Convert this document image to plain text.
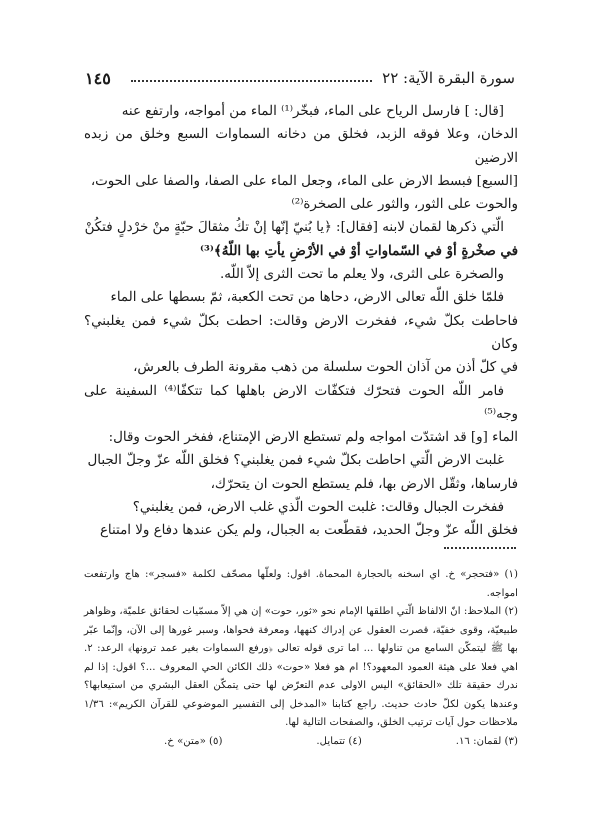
١٤٥	سورة البقرة الآية: ٢٢

[قال: ] فارسل الرياح على الماء، فبخّر⁽¹⁾ الماء من أمواجه، وارتفع عنه

الدخان، وعلا فوقه الزبد، فخلق من دخانه السماوات السبع وخلق من زبده الارضين

[السبع] فبسط الارض على الماء، وجعل الماء على الصفا، والصفا على الحوت،

والحوت على الثور، والثور على الصخرة⁽²⁾

الّتي ذكرها لقمان لابنه [فقال]: ﴿يا بُنيّ إنّها إنْ تكُ مثقالَ حبّةٍ منْ خرْدلٍ فتكُنْ

في صخْرةٍ أوْ في السّماواتِ أوْ في الأرْضِ يأتِ بها اللّهُ﴾⁽³⁾

والصخرة على الثرى، ولا يعلم ما تحت الثرى إلاّ اللّه.

فلمّا خلق اللّه تعالى الارض، دحاها من تحت الكعبة، ثمّ بسطها على الماء

فاحاطت بكلّ شيء، ففخرت الارض وقالت: احطت بكلّ شيء فمن يغلبني؟ وكان

في كلّ أذن من آذان الحوت سلسلة من ذهب مقرونة الطرف بالعرش،

فامر اللّه الحوت فتحرّك فتكفّات الارض باهلها كما تتكفّا⁽⁴⁾ السفينة على وجه⁽⁵⁾

الماء [و] قد اشتدّت امواجه ولم تستطع الارض الإمتناع، ففخر الحوت وقال:

غلبت الارض الّتي احاطت بكلّ شيء فمن يغلبني؟ فخلق اللّه عزّ وجلّ الجبال

فارساها، وثقّل الارض بها، فلم يستطع الحوت ان يتحرّك،

ففخرت الجبال وقالت: غلبت الحوت الّذي غلب الارض، فمن يغلبني؟

فخلق اللّه عزّ وجلّ الحديد، فقطّعت به الجبال، ولم يكن عندها دفاع ولا امتناع

(١) «فتحجر» خ. اي اسخنه بالحجارة المحماة. اقول: ولعلّها مصحّف لكلمة «فسجر»: هاج وارتفعت امواجه.

(٢) الملاحظ: انّ الالفاظ الّتي اطلقها الإمام نحو «ثور، حوت» إن هي إلاّ مسمّيات لحقائق علميّة، وظواهر طبيعيّة، وقوى خفيّة، قصرت العقول عن إدراك كنهها، ومعرفة فحواها، وسبر غورها إلى الآن، وإنّما عبّر بها ﷺ ليتمكّن السامع من تناولها ... اما ترى قوله تعالى ﴿ورفع السماوات بغير عمد ترونها﴾ الرعد: ٢. اهي فعلا على هيئة العمود المعهود؟! ام هو فعلا «حوت» ذلك الكائن الحي المعروف ...؟ اقول: إذا لم ندرك حقيقة تلك «الحقائق» اليس الاولى عدم التعرّض لها حتى يتمكّن العقل البشري من استيعابها؟ وعندها يكون لكلّ حادث حديث. راجع كتابنا «المدخل إلى التفسير الموضوعي للقرآن الكريم»: ١/٣٦ ملاحظات حول آيات ترتيب الخلق، والصفحات التالية لها.

(٣) لقمان: ١٦.
(٤) تتمايل.
(٥) «متن» خ.
